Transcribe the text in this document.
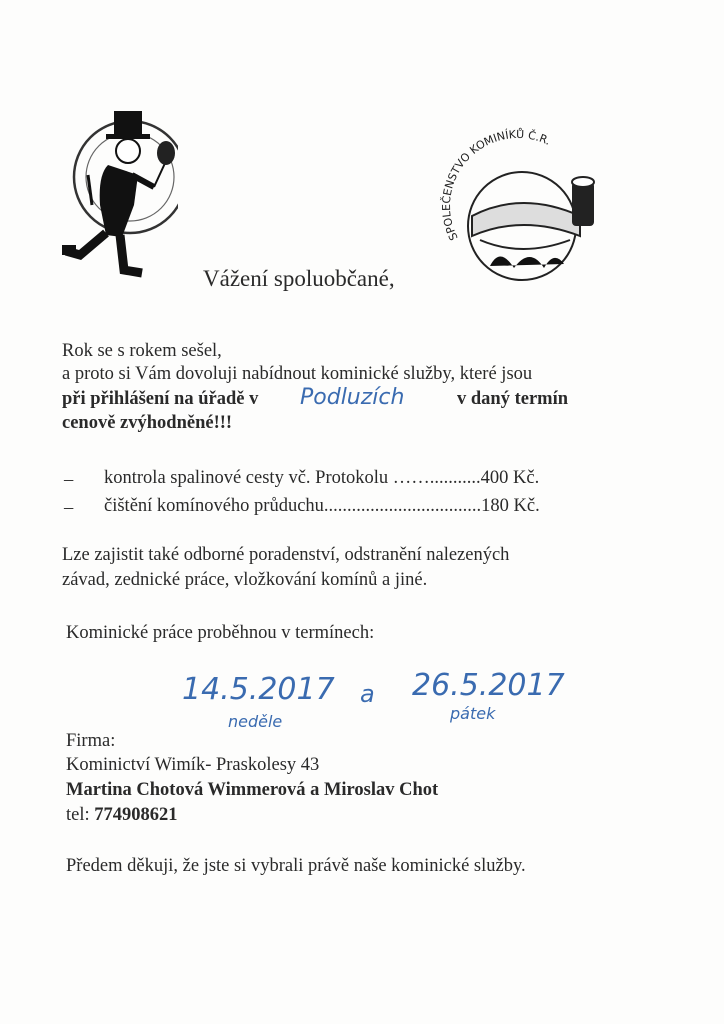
SPOLEČENSTVO KOMINÍKŮ Č.R.
Vážení spoluobčané,
Rok se s rokem sešel,
a proto si Vám dovoluji nabídnout kominické služby, které jsou
při přihlášení na úřadě v Podluzích	v daný termín
cenově zvýhodněné!!!
– kontrola spalinové cesty vč. Protokolu ……...........400 Kč.
– čištění komínového průduchu..................................180 Kč.
Lze zajistit také odborné poradenství, odstranění nalezených
závad, zednické práce, vložkování komínů a jiné.
Kominické práce proběhnou v termínech:
14.5.2017 a 26.5.2017
neděle	pátek
Firma:
Kominictví Wimík- Praskolesy 43
Martina Chotová Wimmerová a Miroslav Chot
tel: 774908621
Předem děkuji, že jste si vybrali právě naše kominické služby.
